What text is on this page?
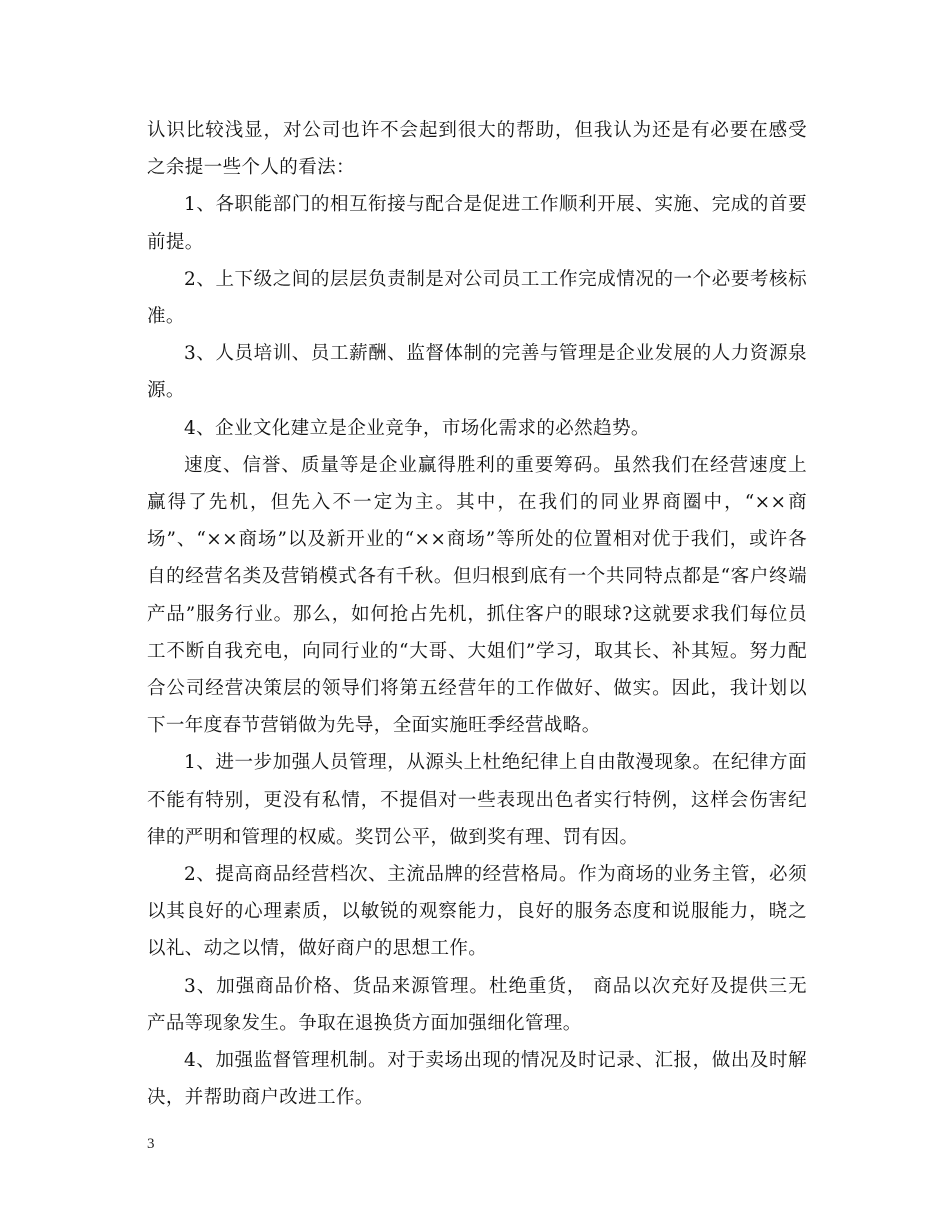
认识比较浅显，对公司也许不会起到很大的帮助，但我认为还是有必要在感受之余提一些个人的看法：

1、各职能部门的相互衔接与配合是促进工作顺利开展、实施、完成的首要前提。

2、上下级之间的层层负责制是对公司员工工作完成情况的一个必要考核标准。

3、人员培训、员工薪酬、监督体制的完善与管理是企业发展的人力资源泉源。

4、企业文化建立是企业竞争，市场化需求的必然趋势。

速度、信誉、质量等是企业赢得胜利的重要筹码。虽然我们在经营速度上赢得了先机，但先入不一定为主。其中，在我们的同业界商圈中，“××商场”、“××商场”以及新开业的“××商场”等所处的位置相对优于我们，或许各自的经营名类及营销模式各有千秋。但归根到底有一个共同特点都是“客户终端产品”服务行业。那么，如何抢占先机，抓住客户的眼球?这就要求我们每位员工不断自我充电，向同行业的“大哥、大姐们”学习，取其长、补其短。努力配合公司经营决策层的领导们将第五经营年的工作做好、做实。因此，我计划以下一年度春节营销做为先导，全面实施旺季经营战略。

1、进一步加强人员管理，从源头上杜绝纪律上自由散漫现象。在纪律方面不能有特别，更没有私情，不提倡对一些表现出色者实行特例，这样会伤害纪律的严明和管理的权威。奖罚公平，做到奖有理、罚有因。

2、提高商品经营档次、主流品牌的经营格局。作为商场的业务主管，必须以其良好的心理素质，以敏锐的观察能力，良好的服务态度和说服能力，晓之以礼、动之以情，做好商户的思想工作。

3、加强商品价格、货品来源管理。杜绝重货， 商品以次充好及提供三无产品等现象发生。争取在退换货方面加强细化管理。

4、加强监督管理机制。对于卖场出现的情况及时记录、汇报，做出及时解决，并帮助商户改进工作。

3
